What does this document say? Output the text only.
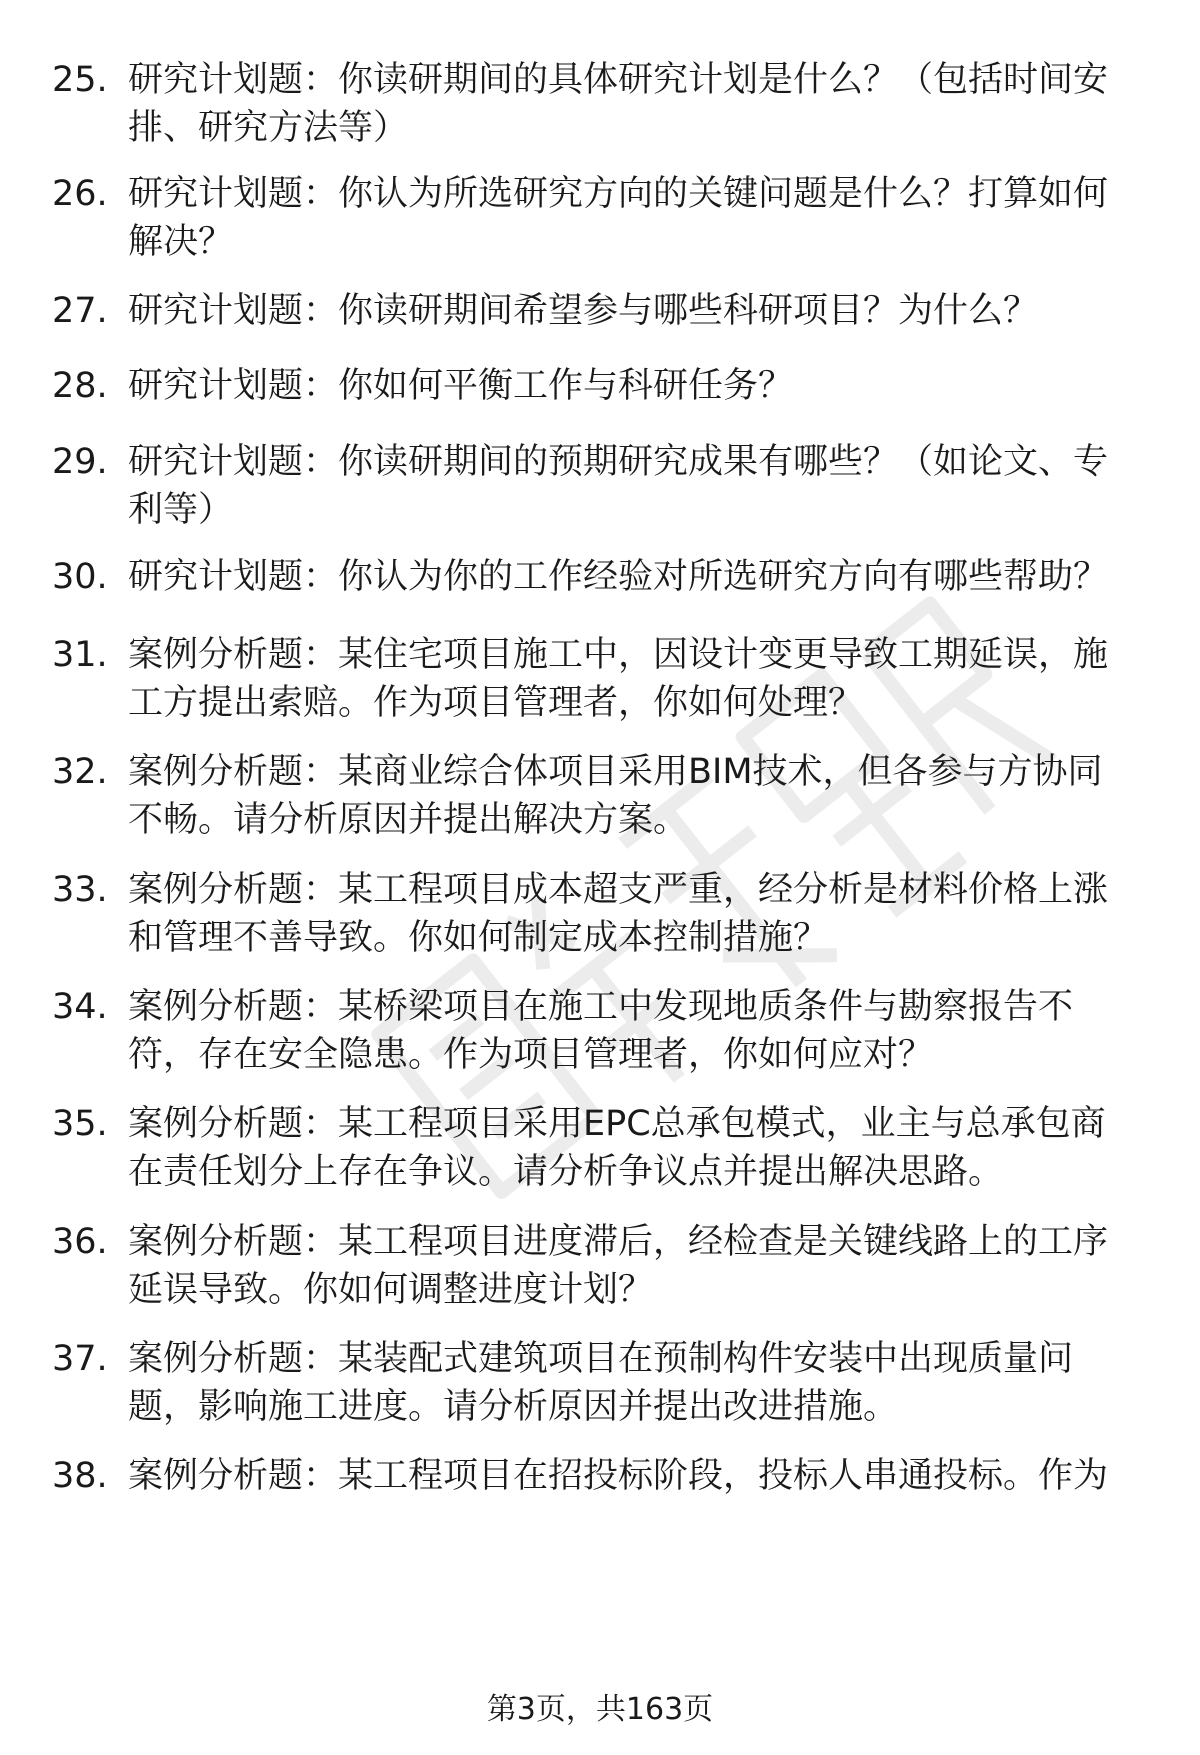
25. 研究计划题：你读研期间的具体研究计划是什么？（包括时间安
排、研究方法等）
26. 研究计划题：你认为所选研究方向的关键问题是什么？打算如何
解决？
27. 研究计划题：你读研期间希望参与哪些科研项目？为什么？
28. 研究计划题：你如何平衡工作与科研任务？
29. 研究计划题：你读研期间的预期研究成果有哪些？（如论文、专
利等）
30. 研究计划题：你认为你的工作经验对所选研究方向有哪些帮助？
31. 案例分析题：某住宅项目施工中，因设计变更导致工期延误，施
工方提出索赔。作为项目管理者，你如何处理？
32. 案例分析题：某商业综合体项目采用BIM技术，但各参与方协同
不畅。请分析原因并提出解决方案。
33. 案例分析题：某工程项目成本超支严重，经分析是材料价格上涨
和管理不善导致。你如何制定成本控制措施？
34. 案例分析题：某桥梁项目在施工中发现地质条件与勘察报告不
符，存在安全隐患。作为项目管理者，你如何应对？
35. 案例分析题：某工程项目采用EPC总承包模式，业主与总承包商
在责任划分上存在争议。请分析争议点并提出解决思路。
36. 案例分析题：某工程项目进度滞后，经检查是关键线路上的工序
延误导致。你如何调整进度计划？
37. 案例分析题：某装配式建筑项目在预制构件安装中出现质量问
题，影响施工进度。请分析原因并提出改进措施。
38. 案例分析题：某工程项目在招投标阶段，投标人串通投标。作为
第3页，共163页
